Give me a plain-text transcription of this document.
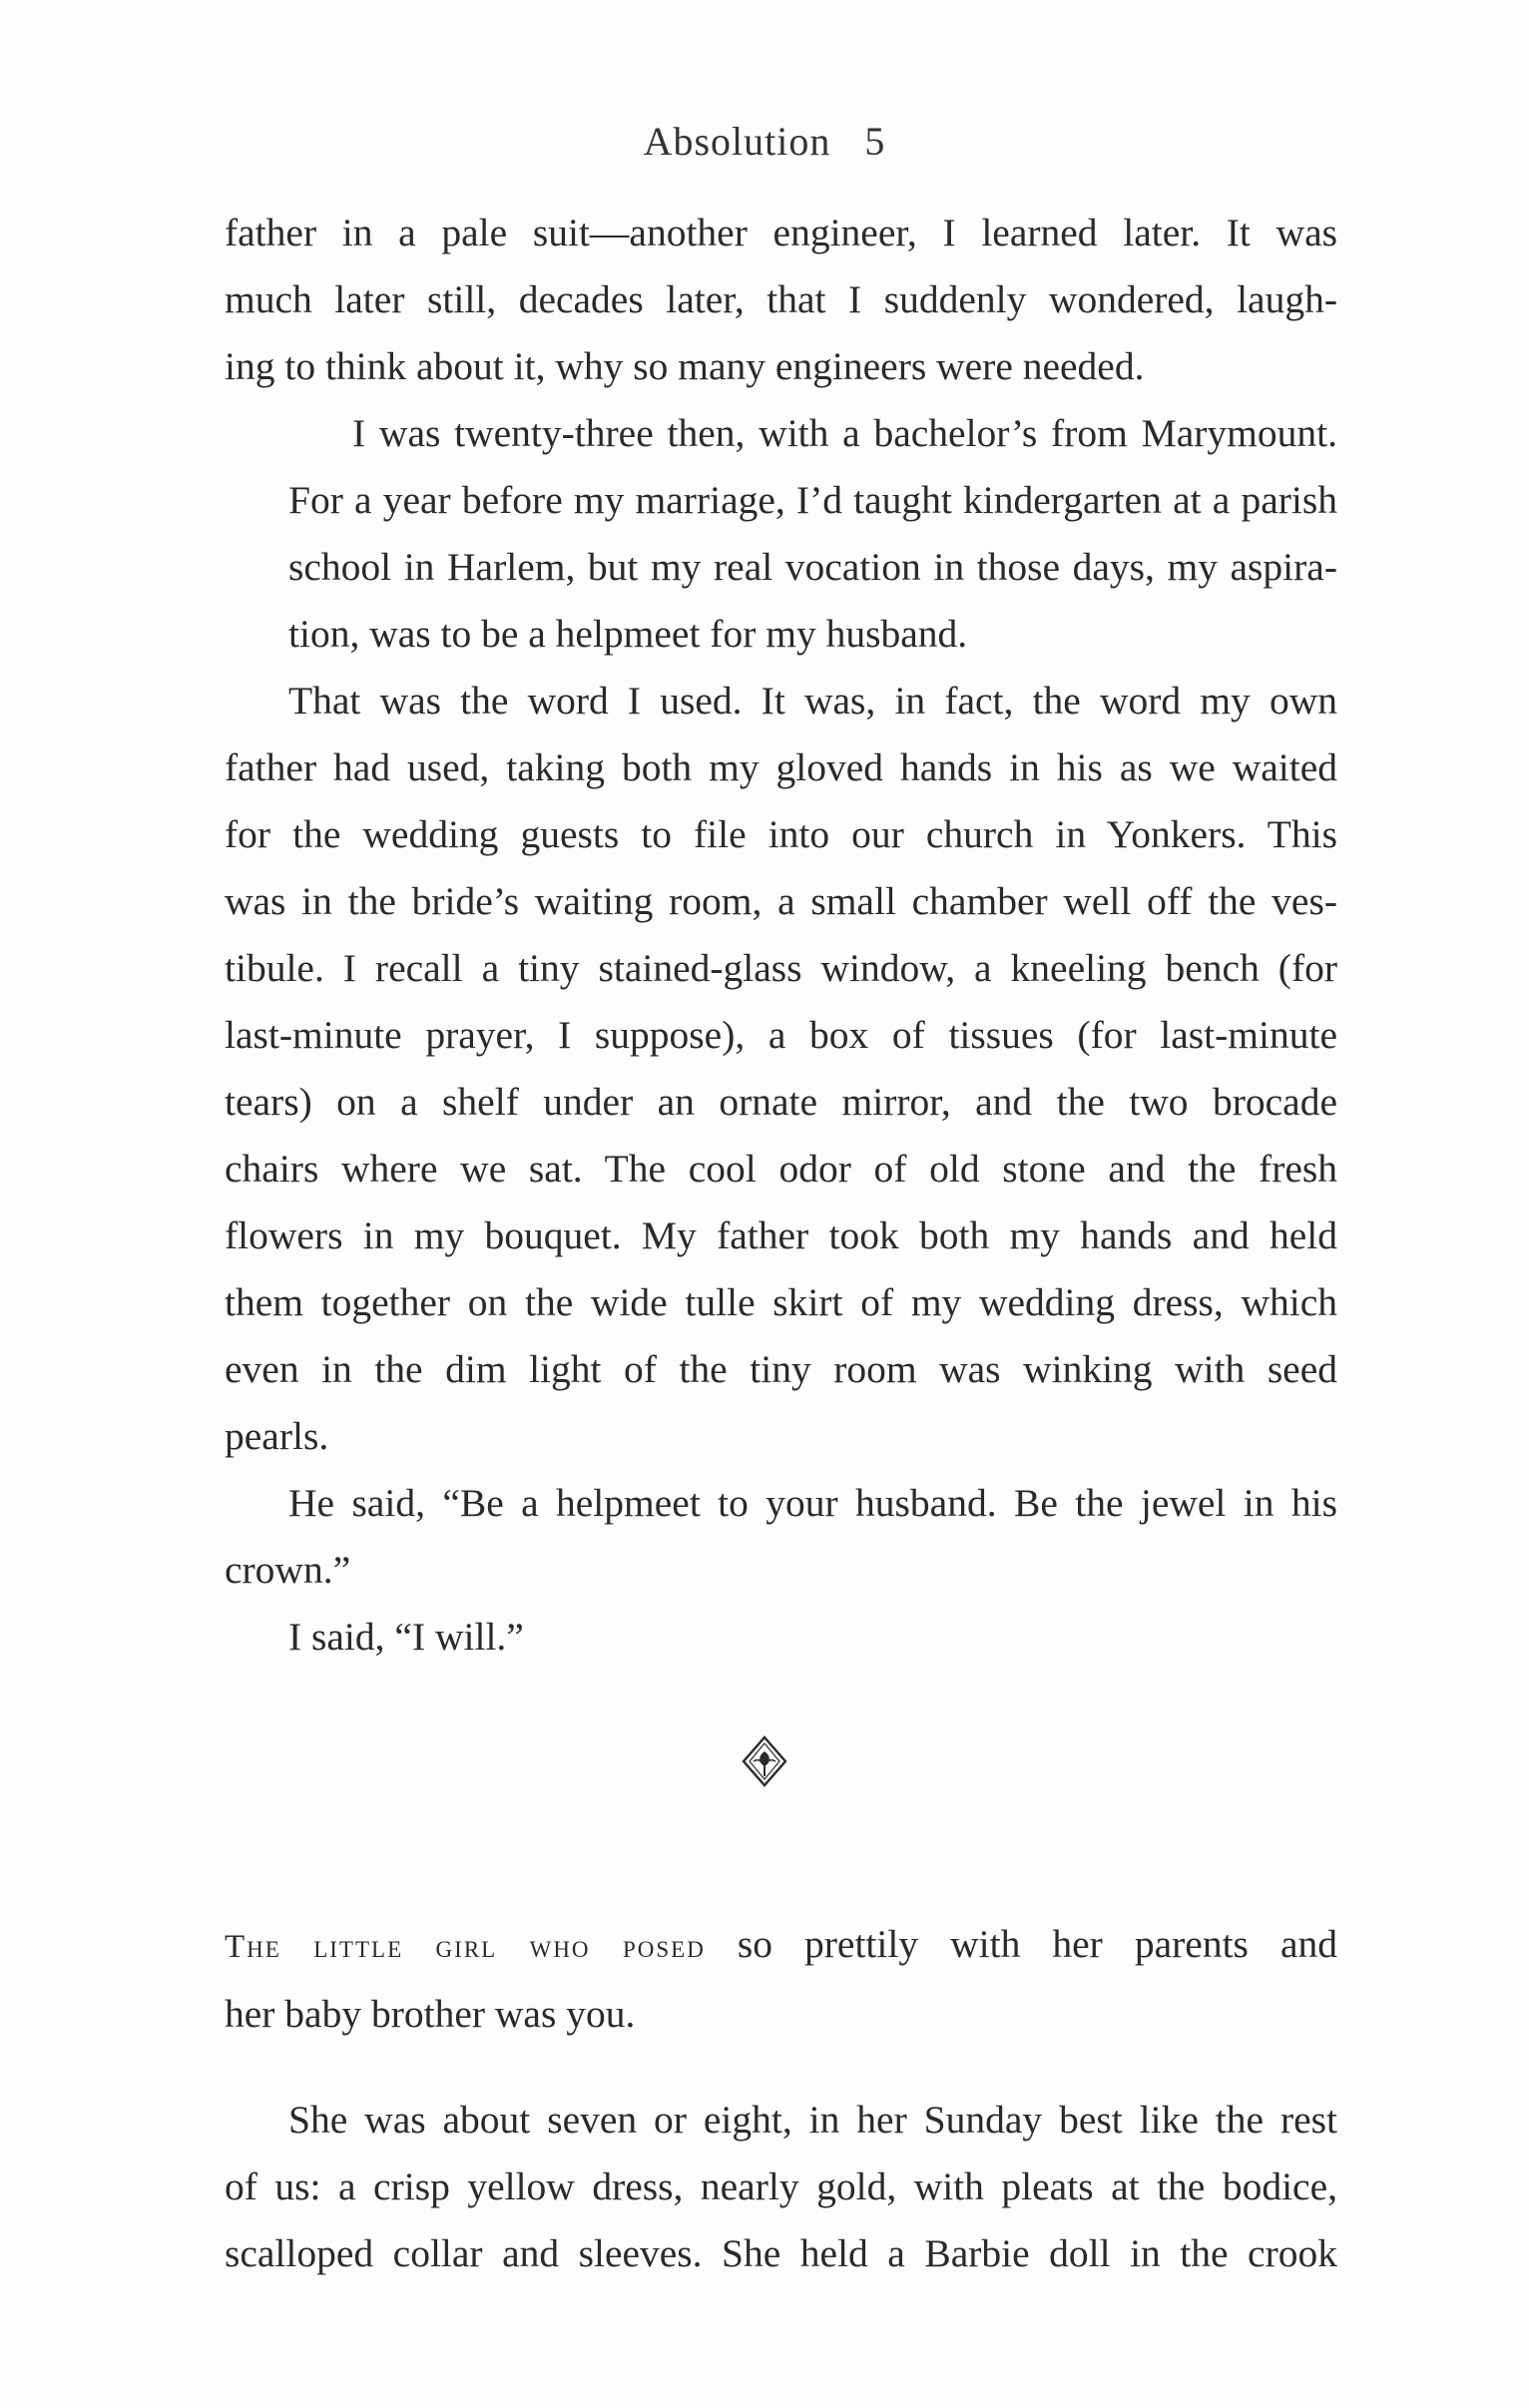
Absolution 5

father in a pale suit—another engineer, I learned later. It was
much later still, decades later, that I suddenly wondered, laugh-
ing to think about it, why so many engineers were needed.

I was twenty-three then, with a bachelor’s from Marymount.
For a year before my marriage, I’d taught kindergarten at a parish
school in Harlem, but my real vocation in those days, my aspira-
tion, was to be a helpmeet for my husband.

That was the word I used. It was, in fact, the word my own
father had used, taking both my gloved hands in his as we waited
for the wedding guests to file into our church in Yonkers. This
was in the bride’s waiting room, a small chamber well off the ves-
tibule. I recall a tiny stained-glass window, a kneeling bench (for
last-minute prayer, I suppose), a box of tissues (for last-minute
tears) on a shelf under an ornate mirror, and the two brocade
chairs where we sat. The cool odor of old stone and the fresh
flowers in my bouquet. My father took both my hands and held
them together on the wide tulle skirt of my wedding dress, which
even in the dim light of the tiny room was winking with seed
pearls.

He said, “Be a helpmeet to your husband. Be the jewel in his
crown.”

I said, “I will.”

The little girl who posed so prettily with her parents and
her baby brother was you.

She was about seven or eight, in her Sunday best like the rest
of us: a crisp yellow dress, nearly gold, with pleats at the bodice,
scalloped collar and sleeves. She held a Barbie doll in the crook
